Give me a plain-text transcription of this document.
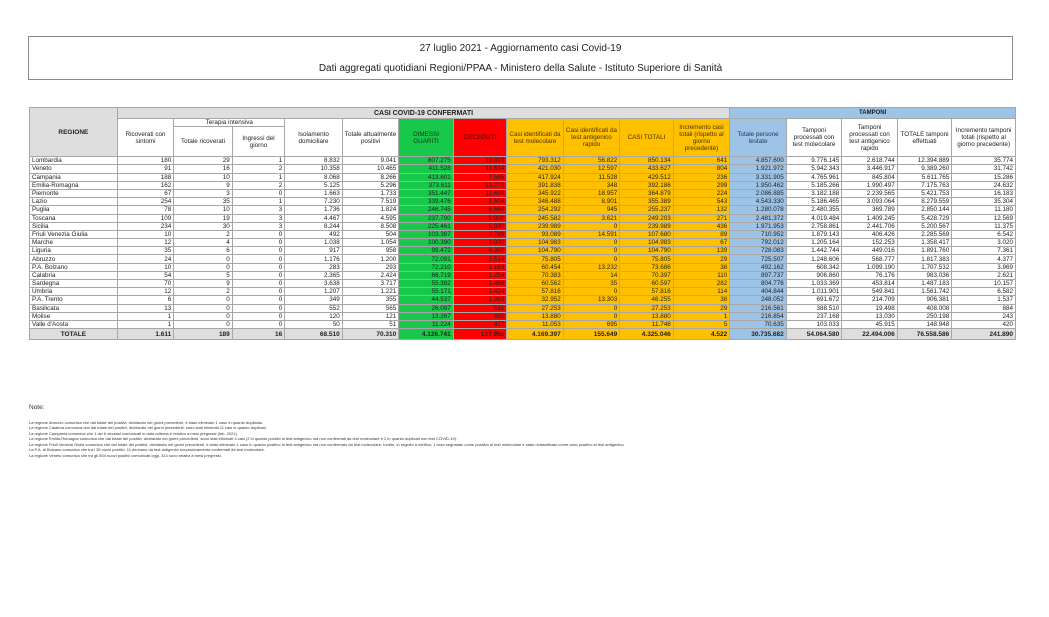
27 luglio 2021 - Aggiornamento casi Covid-19
Dati aggregati quotidiani Regioni/PPAA - Ministero della Salute - Istituto Superiore di Sanità
REGIONE	CASI COVID-19 CONFERMATI											TAMPONI				
	Ricoverati con sintomi	Terapia intensiva		Isolamento domiciliare	Totale attualmente positivi	DIMESSI GUARITI	DECEDUTI	Casi identificati da test molecolare	Casi identificati da test antigenico rapido	CASI TOTALI	Incremento casi totali (rispetto al giorno precedente)	Totale persone testate	Tamponi processati con test molecolare	Tamponi processati con test antigenico rapido	TOTALE tamponi effettuati	Incremento tamponi totali (rispetto al giorno precedente)
		Totale ricoverati	Ingressi del giorno													
Lombardia	180	29	1	8.832	9.041	807.275	33.818	793.312	56.822	850.134	641	4.857.600	9.776.145	2.618.744	12.394.889	35.774
Veneto	91	16	2	10.358	10.465	411.528	11.634	421.030	12.597	433.627	804	1.921.972	5.942.343	3.446.917	9.389.260	31.742
Campania	188	10	1	8.068	8.266	413.601	7.585	417.924	11.528	429.512	236	3.331.905	4.765.961	845.804	5.611.765	15.286
Emilia-Romagna	162	9	2	5.125	5.296	373.611	13.279	391.838	348	392.186	299	1.950.462	5.185.266	1.990.497	7.175.763	24.632
Piemonte	67	3	0	1.663	1.733	351.447	11.699	345.922	18.957	364.879	224	2.086.885	3.182.188	2.239.565	5.421.753	16.183
Lazio	254	35	1	7.230	7.519	339.476	8.504	346.488	8.901	355.389	543	4.543.330	5.186.465	3.093.064	8.279.559	35.304
Puglia	78	10	3	1.736	1.824	246.745	6.668	254.292	945	255.237	132	1.280.078	2.480.355	369.789	2.850.144	11.180
Toscana	109	19	3	4.467	4.595	237.700	6.908	245.582	3.621	249.203	271	2.481.372	4.019.484	1.409.245	5.428.729	12.569
Sicilia	234	30	3	8.244	8.508	225.461	6.030	239.989	0	239.989	436	1.971.953	2.758.861	2.441.706	5.200.567	11.375
Friuli Venezia Giulia	10	2	0	492	504	103.387	3.789	93.089	14.591	107.680	89	710.952	1.879.143	406.426	2.285.569	6.542
Marche	12	4	0	1.038	1.054	100.390	3.039	104.983	0	104.983	67	792.012	1.205.164	152.253	1.358.417	3.020
Liguria	35	6	0	917	958	99.472	4.360	104.790	0	104.790	139	728.083	1.442.744	449.016	1.891.760	7.361
Abruzzo	24	0	0	1.176	1.200	72.091	2.514	75.805	0	75.805	29	725.507	1.248.606	568.777	1.817.383	4.377
P.A. Bolzano	10	0	0	283	293	72.210	1.183	60.454	13.232	73.686	38	492.162	608.342	1.099.190	1.707.532	3.969
Calabria	54	5	0	2.365	2.424	66.719	1.254	70.383	14	70.397	110	897.737	906.860	76.176	983.036	2.621
Sardegna	70	9	0	3.638	3.717	55.382	1.498	60.562	35	60.597	282	804.776	1.033.369	453.814	1.487.183	10.157
Umbria	12	2	0	1.207	1.221	55.171	1.424	57.816	0	57.816	114	404.844	1.011.901	549.841	1.561.742	6.582
P.A. Trento	6	0	0	349	355	44.537	1.363	32.952	13.303	46.255	38	248.052	691.672	214.709	906.381	1.537
Basilicata	13	0	0	552	565	26.097	591	27.253	0	27.253	29	216.561	388.510	19.498	408.008	884
Molise	1	0	0	120	121	13.267	492	13.880	0	13.880	1	216.854	237.168	13.030	250.198	243
Valle d'Aosta	1	0	0	50	51	11.224	473	11.053	695	11.748	5	70.635	103.033	45.915	148.948	420
TOTALE	1.611	189	16	68.510	70.310	4.126.741	127.958	4.169.397	155.649	4.325.046	4.522	30.735.682	54.064.580	22.494.006	76.558.586	241.890
Note:
La regione Abruzzo comunica che dal totale dei positivi, dichiarato nei giorni precedenti, è stato eliminato 1 caso in quanto duplicato.
La regione Calabria comunica che dal totale dei positivi, dichiarato nei giorni precedenti, sono stati eliminati 11 casi in quanto duplicati.
La regione Campania comunica che 1 dei 6 decessi comunicati in data odierna è relativo a mesi pregressi (feb. 2021).
La regione Emilia-Romagna comunica che dal totale dei positivi, dichiarato nei giorni precedenti, sono stati eliminati 4 casi (2 in quanto positivi al test antigenico ma non confermati da test molecolare e 2 in quanto duplicati non test COVID-19).
La regione Friuli Venezia Giulia comunica che dal totale dei positivi, dichiarato nei giorni precedenti, è stato eliminato 1 caso in quanto positivo al test antigenico ma non confermato da test molecolare. Inoltre, in seguito a verifica, 1 caso segnalato come positivo al test molecolare è stato riclassificato come caso positivo al test antigenico.
La P.A. di Bolzano comunica che tra i 35 nuovi positivi, 11 derivano da test antigenici successivamente confermati da test molecolare.
La regione Veneto comunica che tra gli 804 nuovi positivi comunicati oggi, 314 sono relativi a mesi pregressi.
